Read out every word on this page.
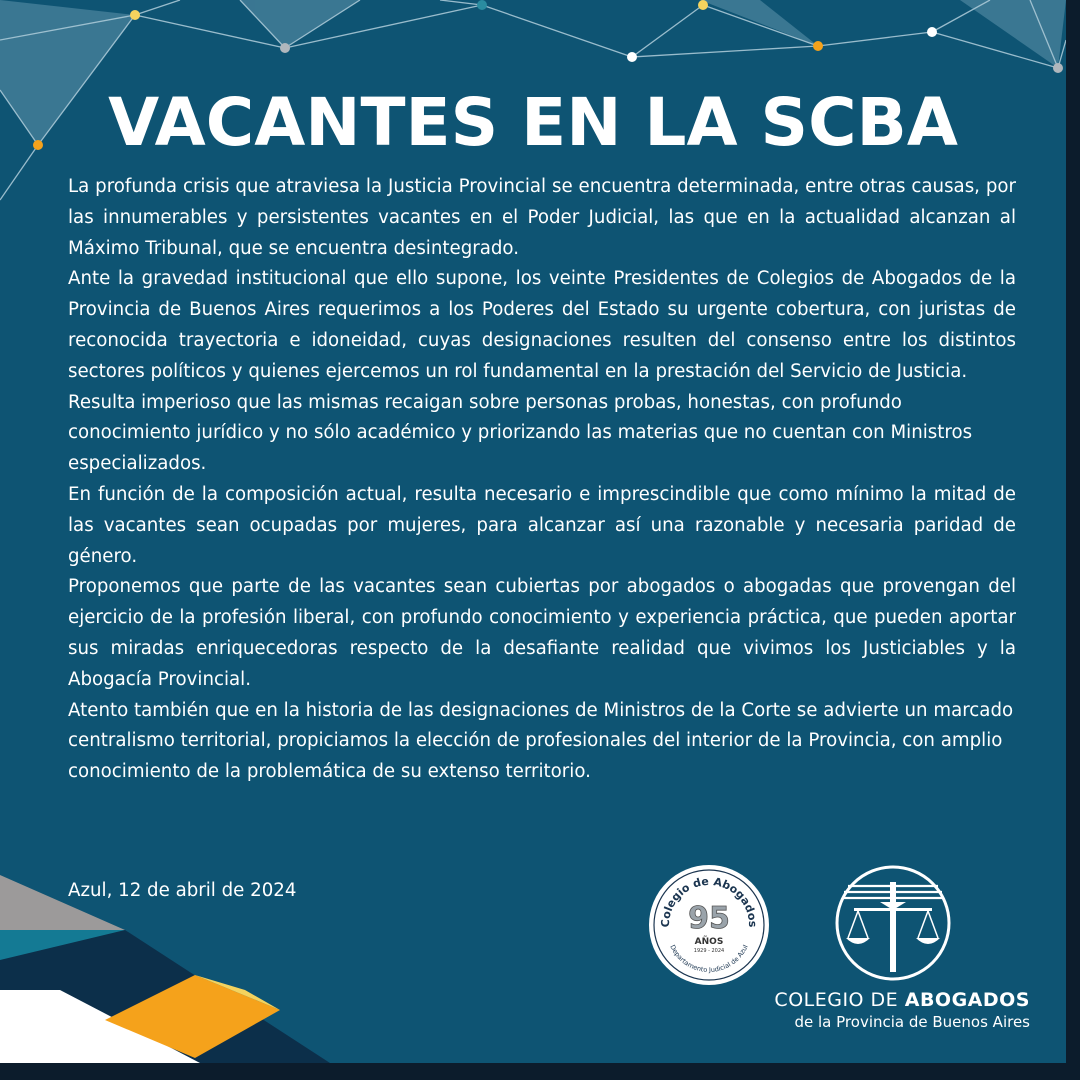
VACANTES EN LA SCBA

La profunda crisis que atraviesa la Justicia Provincial se encuentra determinada, entre otras causas, por las innumerables y persistentes vacantes en el Poder Judicial, las que en la actualidad alcanzan al Máximo Tribunal, que se encuentra desintegrado.

Ante la gravedad institucional que ello supone, los veinte Presidentes de Colegios de Abogados de la Provincia de Buenos Aires requerimos a los Poderes del Estado su urgente cobertura, con juristas de reconocida trayectoria e idoneidad, cuyas designaciones resulten del consenso entre los distintos sectores políticos y quienes ejercemos un rol fundamental en la prestación del Servicio de Justicia.

Resulta imperioso que las mismas recaigan sobre personas probas, honestas, con profundo conocimiento jurídico y no sólo académico y priorizando las materias que no cuentan con Ministros especializados.

En función de la composición actual, resulta necesario e imprescindible que como mínimo la mitad de las vacantes sean ocupadas por mujeres, para alcanzar así una razonable y necesaria paridad de género.

Proponemos que parte de las vacantes sean cubiertas por abogados o abogadas que provengan del ejercicio de la profesión liberal, con profundo conocimiento y experiencia práctica, que pueden aportar sus miradas enriquecedoras respecto de la desafiante realidad que vivimos los Justiciables y la Abogacía Provincial.

Atento también que en la historia de las designaciones de Ministros de la Corte se advierte un marcado centralismo territorial, propiciamos la elección de profesionales del interior de la Provincia, con amplio conocimiento de la problemática de su extenso territorio.

Azul, 12 de abril de 2024
Colegio de Abogados
Departamento Judicial de Azul
95
AÑOS
1929 - 2024
COLEGIO DE ABOGADOS
de la Provincia de Buenos Aires
